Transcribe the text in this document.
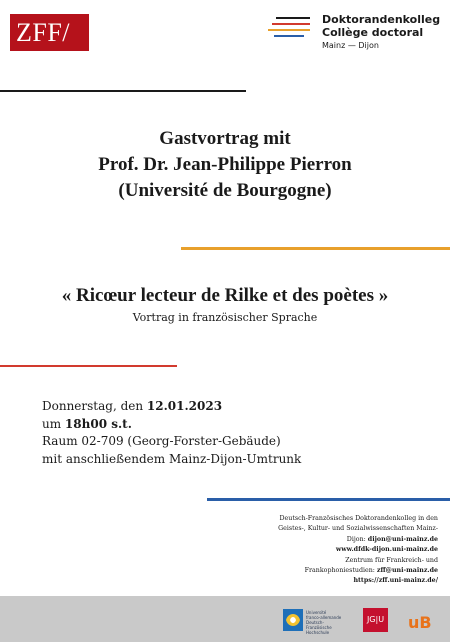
ZFF/	Doktorandenkolleg
Collège doctoral
Mainz — Dijon
Gastvortrag mit
Prof. Dr. Jean-Philippe Pierron
(Université de Bourgogne)
« Ricœur lecteur de Rilke et des poètes »
Vortrag in französischer Sprache
Donnerstag, den 12.01.2023
um 18h00 s.t.
Raum 02-709 (Georg-Forster-Gebäude)
mit anschließendem Mainz-Dijon-Umtrunk
Deutsch-Französisches Doktorandenkolleg in den
Geistes-, Kultur- und Sozialwissenschaften Mainz-
Dijon: dijon@uni-mainz.de
www.dfdk-dijon.uni-mainz.de
Zentrum für Frankreich- und
Frankophoniestudien: zff@uni-mainz.de
https://zff.uni-mainz.de/
Université
franco-allemande
Deutsch-Französische
Hochschule
JG|U uB
